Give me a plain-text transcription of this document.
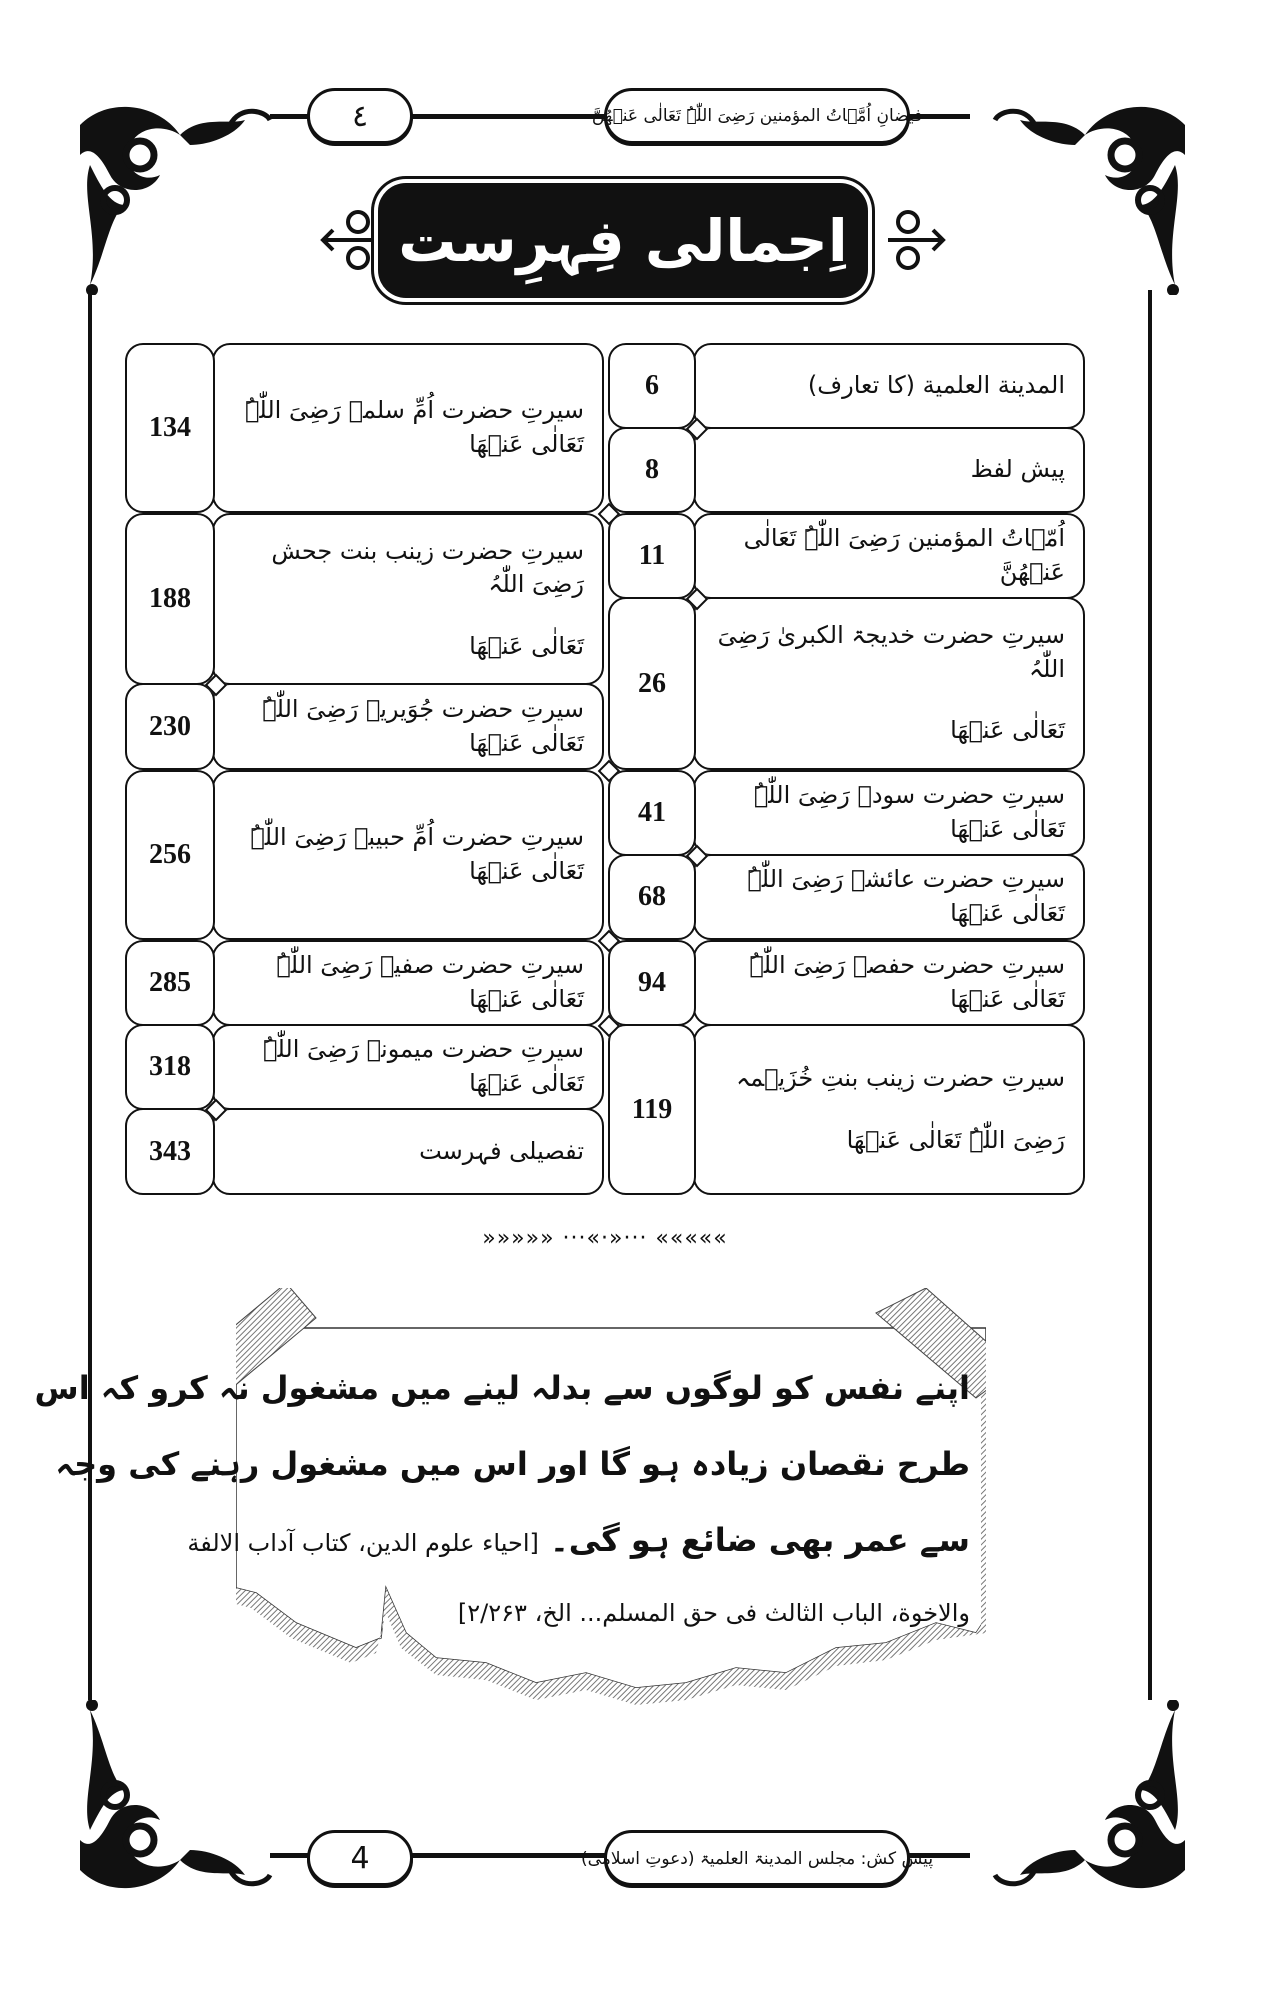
٤	فیضانِ اُمَّہاتُ المؤمنین رَضِیَ اللّٰہُ تَعَالٰی عَنۡھُنَّ
اِجمالی فِہرِست
المدینة العلمیة (کا تعارف)
6
پیش لفظ
8
اُمّہاتُ المؤمنین رَضِیَ اللّٰہُ تَعَالٰی عَنۡھُنَّ
11
سیرتِ حضرت خدیجۃ الکبریٰ رَضِیَ اللّٰہُ
تَعَالٰی عَنۡھَا
26
سیرتِ حضرت سودہ رَضِیَ اللّٰہُ تَعَالٰی عَنۡھَا
41
سیرتِ حضرت عائشہ رَضِیَ اللّٰہُ تَعَالٰی عَنۡھَا
68
سیرتِ حضرت حفصہ رَضِیَ اللّٰہُ تَعَالٰی عَنۡھَا
94
سیرتِ حضرت زینب بنتِ خُزَیۡمہ
رَضِیَ اللّٰہُ تَعَالٰی عَنۡھَا
119
سیرتِ حضرت اُمِّ سلمہ رَضِیَ اللّٰہُ تَعَالٰی عَنۡھَا
134
سیرتِ حضرت زینب بنت جحش رَضِیَ اللّٰہُ
تَعَالٰی عَنۡھَا
188
سیرتِ حضرت جُوَیریہ رَضِیَ اللّٰہُ تَعَالٰی عَنۡھَا
230
سیرتِ حضرت اُمِّ حبیبہ رَضِیَ اللّٰہُ تَعَالٰی عَنۡھَا
256
سیرتِ حضرت صفیہ رَضِیَ اللّٰہُ تَعَالٰی عَنۡھَا
285
سیرتِ حضرت میمونہ رَضِیَ اللّٰہُ تَعَالٰی عَنۡھَا
318
تفصیلی فہرست
343
»»»»» ···«·»··· «««««
اپنے نفس کو لوگوں سے بدلہ لینے میں مشغول نہ کرو کہ اس
طرح نقصان زیادہ ہو گا اور اس میں مشغول رہنے کی وجہ
سے عمر بھی ضائع ہو گی۔ [احیاء علوم الدین، کتاب آداب الالفة
والاخوة، الباب الثالث فی حق المسلم... الخ، ۲/۲۶۳]
4	پیش کش: مجلس المدینۃ العلمیۃ (دعوتِ اسلامی)
